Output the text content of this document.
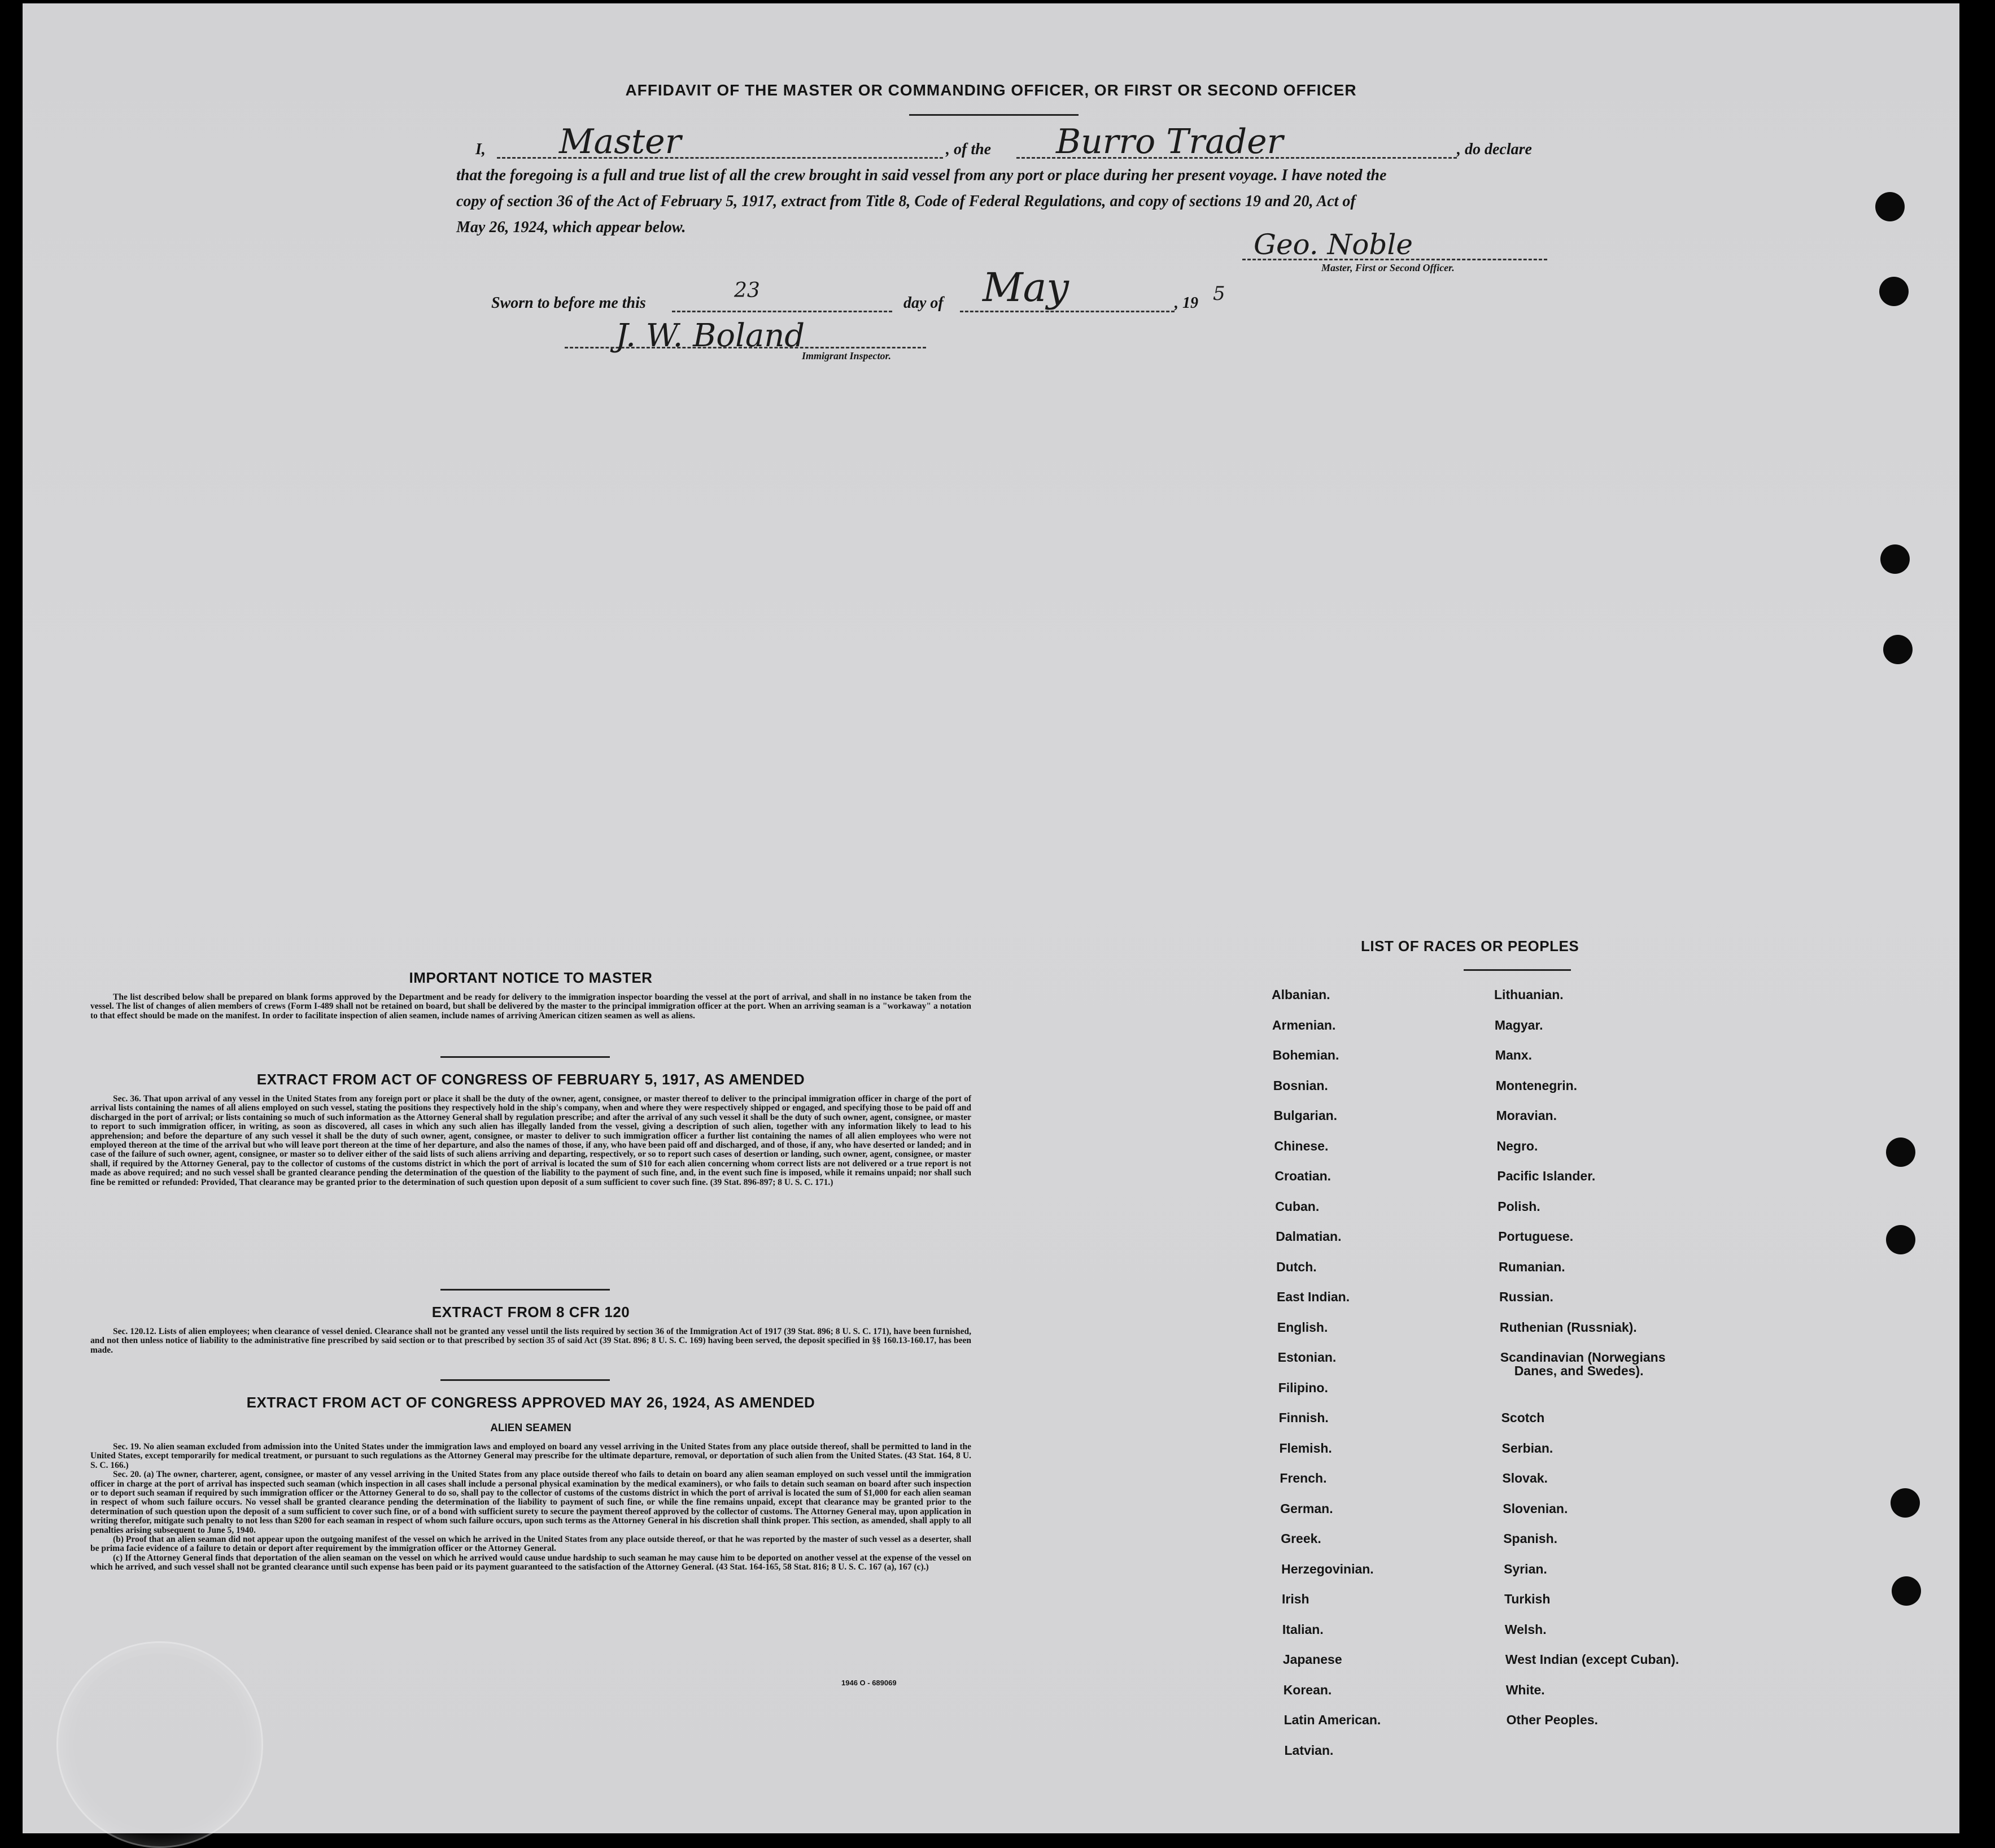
AFFIDAVIT OF THE MASTER OR COMMANDING OFFICER, OR FIRST OR SECOND OFFICER
I, Master	, of the Burro Trader	, do declare
that the foregoing is a full and true list of all the crew brought in said vessel from any port or place during her present voyage. I have noted the
copy of section 36 of the Act of February 5, 1917, extract from Title 8, Code of Federal Regulations, and copy of sections 19 and 20, Act of
May 26, 1924, which appear below.
Geo. Noble
Master, First or Second Officer.
Sworn to before me this
23
day of May	, 19 5
J. W. Boland
Immigrant Inspector.
IMPORTANT NOTICE TO MASTER

The list described below shall be prepared on blank forms approved by the Department and be ready for delivery to the immigration inspector boarding the vessel at the port of arrival, and shall in no instance be taken from the vessel. The list of changes of alien members of crews (Form I-489 shall not be retained on board, but shall be delivered by the master to the principal immigration officer at the port. When an arriving seaman is a "workaway" a notation to that effect should be made on the manifest. In order to facilitate inspection of alien seamen, include names of arriving American citizen seamen as well as aliens.

EXTRACT FROM ACT OF CONGRESS OF FEBRUARY 5, 1917, AS AMENDED

Sec. 36. That upon arrival of any vessel in the United States from any foreign port or place it shall be the duty of the owner, agent, consignee, or master thereof to deliver to the principal immigration officer in charge of the port of arrival lists containing the names of all aliens employed on such vessel, stating the positions they respectively hold in the ship's company, when and where they were respectively shipped or engaged, and specifying those to be paid off and discharged in the port of arrival; or lists containing so much of such information as the Attorney General shall by regulation prescribe; and after the arrival of any such vessel it shall be the duty of such owner, agent, consignee, or master to report to such immigration officer, in writing, as soon as discovered, all cases in which any such alien has illegally landed from the vessel, giving a description of such alien, together with any information likely to lead to his apprehension; and before the departure of any such vessel it shall be the duty of such owner, agent, consignee, or master to deliver to such immigration officer a further list containing the names of all alien employees who were not employed thereon at the time of the arrival but who will leave port thereon at the time of her departure, and also the names of those, if any, who have been paid off and discharged, and of those, if any, who have deserted or landed; and in case of the failure of such owner, agent, consignee, or master so to deliver either of the said lists of such aliens arriving and departing, respectively, or so to report such cases of desertion or landing, such owner, agent, consignee, or master shall, if required by the Attorney General, pay to the collector of customs of the customs district in which the port of arrival is located the sum of $10 for each alien concerning whom correct lists are not delivered or a true report is not made as above required; and no such vessel shall be granted clearance pending the determination of the question of the liability to the payment of such fine, and, in the event such fine is imposed, while it remains unpaid; nor shall such fine be remitted or refunded: Provided, That clearance may be granted prior to the determination of such question upon deposit of a sum sufficient to cover such fine. (39 Stat. 896-897; 8 U. S. C. 171.)

EXTRACT FROM 8 CFR 120

Sec. 120.12. Lists of alien employees; when clearance of vessel denied. Clearance shall not be granted any vessel until the lists required by section 36 of the Immigration Act of 1917 (39 Stat. 896; 8 U. S. C. 171), have been furnished, and not then unless notice of liability to the administrative fine prescribed by said section or to that prescribed by section 35 of said Act (39 Stat. 896; 8 U. S. C. 169) having been served, the deposit specified in §§ 160.13-160.17, has been made.

EXTRACT FROM ACT OF CONGRESS APPROVED MAY 26, 1924, AS AMENDED
ALIEN SEAMEN

Sec. 19. No alien seaman excluded from admission into the United States under the immigration laws and employed on board any vessel arriving in the United States from any place outside thereof, shall be permitted to land in the United States, except temporarily for medical treatment, or pursuant to such regulations as the Attorney General may prescribe for the ultimate departure, removal, or deportation of such alien from the United States. (43 Stat. 164, 8 U. S. C. 166.)

Sec. 20. (a) The owner, charterer, agent, consignee, or master of any vessel arriving in the United States from any place outside thereof who fails to detain on board any alien seaman employed on such vessel until the immigration officer in charge at the port of arrival has inspected such seaman (which inspection in all cases shall include a personal physical examination by the medical examiners), or who fails to detain such seaman on board after such inspection or to deport such seaman if required by such immigration officer or the Attorney General to do so, shall pay to the collector of customs of the customs district in which the port of arrival is located the sum of $1,000 for each alien seaman in respect of whom such failure occurs. No vessel shall be granted clearance pending the determination of the liability to payment of such fine, or while the fine remains unpaid, except that clearance may be granted prior to the determination of such question upon the deposit of a sum sufficient to cover such fine, or of a bond with sufficient surety to secure the payment thereof approved by the collector of customs. The Attorney General may, upon application in writing therefor, mitigate such penalty to not less than $200 for each seaman in respect of whom such failure occurs, upon such terms as the Attorney General in his discretion shall think proper. This section, as amended, shall apply to all penalties arising subsequent to June 5, 1940.

(b) Proof that an alien seaman did not appear upon the outgoing manifest of the vessel on which he arrived in the United States from any place outside thereof, or that he was reported by the master of such vessel as a deserter, shall be prima facie evidence of a failure to detain or deport after requirement by the immigration officer or the Attorney General.

(c) If the Attorney General finds that deportation of the alien seaman on the vessel on which he arrived would cause undue hardship to such seaman he may cause him to be deported on another vessel at the expense of the vessel on which he arrived, and such vessel shall not be granted clearance until such expense has been paid or its payment guaranteed to the satisfaction of the Attorney General. (43 Stat. 164-165, 58 Stat. 816; 8 U. S. C. 167 (a), 167 (c).)

1946 O - 689069
LIST OF RACES OR PEOPLES
Albanian.
Armenian.
Bohemian.
Bosnian.
Bulgarian.
Chinese.
Croatian.
Cuban.
Dalmatian.
Dutch.
East Indian.
English.
Estonian.
Filipino.
Finnish.
Flemish.
French.
German.
Greek.
Herzegovinian.
Irish
Italian.
Japanese
Korean.
Latin American.
Latvian.
Lithuanian.
Magyar.
Manx.
Montenegrin.
Moravian.
Negro.
Pacific Islander.
Polish.
Portuguese.
Rumanian.
Russian.
Ruthenian (Russniak).
Scandinavian (Norwegians
Danes, and Swedes).
Scotch
Serbian.
Slovak.
Slovenian.
Spanish.
Syrian.
Turkish
Welsh.
West Indian (except Cuban).
White.
Other Peoples.
